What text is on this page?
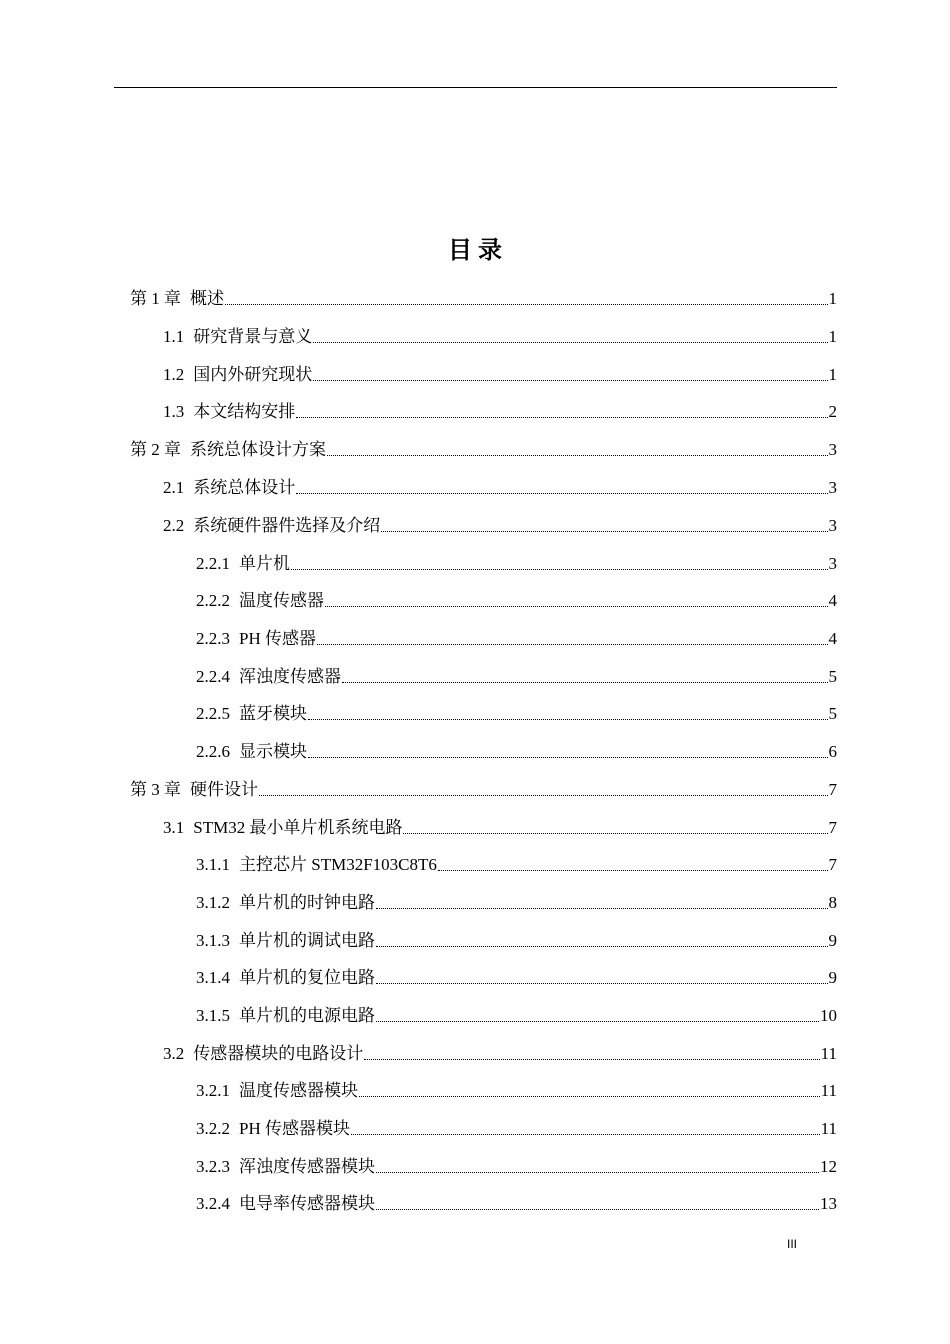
目 录
第 1 章 概述	1
1.1 研究背景与意义	1
1.2 国内外研究现状	1
1.3 本文结构安排	2
第 2 章 系统总体设计方案	3
2.1 系统总体设计	3
2.2 系统硬件器件选择及介绍	3
2.2.1 单片机	3
2.2.2 温度传感器	4
2.2.3 PH 传感器	4
2.2.4 浑浊度传感器	5
2.2.5 蓝牙模块	5
2.2.6 显示模块	6
第 3 章 硬件设计	7
3.1 STM32 最小单片机系统电路	7
3.1.1 主控芯片 STM32F103C8T6	7
3.1.2 单片机的时钟电路	8
3.1.3 单片机的调试电路	9
3.1.4 单片机的复位电路	9
3.1.5 单片机的电源电路	10
3.2 传感器模块的电路设计	11
3.2.1 温度传感器模块	11
3.2.2 PH 传感器模块	11
3.2.3 浑浊度传感器模块	12
3.2.4 电导率传感器模块	13
III
